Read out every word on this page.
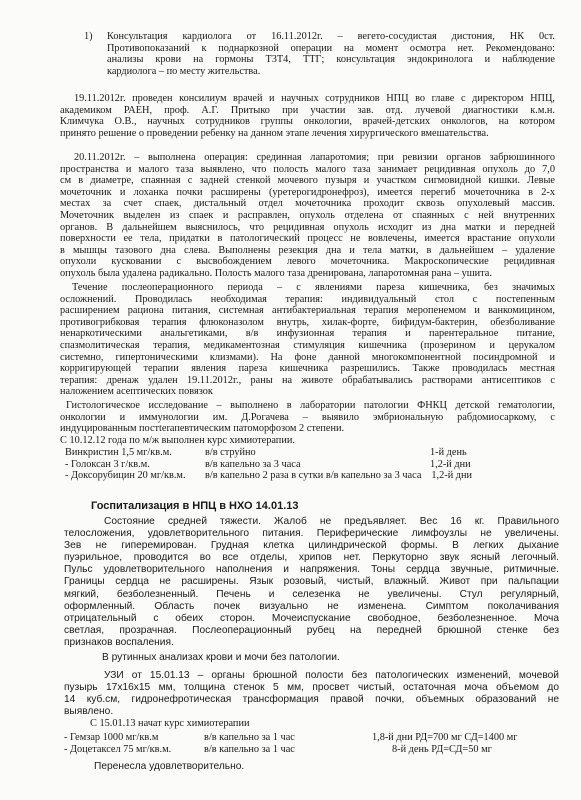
1) Консультация кардиолога от 16.11.2012г. – вегето-сосудистая дистония, НК 0ст.
Противопоказаний к поднаркозной операции на момент осмотра нет. Рекомендовано:
анализы крови на гормоны Т3Т4, ТТГ; консультация эндокринолога и наблюдение
кардиолога – по месту жительства.
19.11.2012г. проведен консилиум врачей и научных сотрудников НПЦ во главе с директором НПЦ,
академиком РАЕН, проф. А.Г. Притыко при участии зав. отд. лучевой диагностики к.м.н.
Климчука О.В., научных сотрудников группы онкологии, врачей-детских онкологов, на котором
принято решение о проведении ребенку на данном этапе лечения хирургического вмешательства.
20.11.2012г. – выполнена операция: срединная лапаротомия; при ревизии органов забрюшинного
пространства и малого таза выявлено, что полость малого таза занимает рецидивная опухоль до 7,0
см в диаметре, спаянная с задней стенкой мочевого пузыря и участком сигмовидной кишки. Левые
мочеточник и лоханка почки расширены (уретерогидронефроз), имеется перегиб мочеточника в 2-х
местах за счет спаек, дистальный отдел мочеточника проходит сквозь опухолевый массив.
Мочеточник выделен из спаек и расправлен, опухоль отделена от спаянных с ней внутренних
органов. В дальнейшем выяснилось, что рецидивная опухоль исходит из дна матки и передней
поверхности ее тела, придатки в патологический процесс не вовлечены, имеется врастание опухоли
в мышцы тазового дна слева. Выполнены резекция дна и тела матки, в дальнейшем – удаление
опухоли кусковании с высвобождением левого мочеточника. Макроскопические рецидивная
опухоль была удалена радикально. Полость малого таза дренирована, лапаротомная рана – ушита.
Течение послеоперационного периода – с явлениями пареза кишечника, без значимых
осложнений. Проводилась необходимая терапия: индивидуальный стол с постепенным
расширением рациона питания, системная антибактериальная терапия меропенемом и ванкомицином,
противогрибковая терапия флюконазолом внутрь, хилак-форте, бифидум-бактерин, обезболивание
ненаркотическими анальгетиками, в/в инфузионная терапия и парентеральное питание,
спазмолитическая терапия, медикаментозная стимуляция кишечника (прозерином и церукалом
системно, гипертоническими клизмами). На фоне данной многокомпонентной посиндромной и
корригирующей терапии явления пареза кишечника разрешились. Также проводилась местная
терапия: дренаж удален 19.11.2012г., раны на животе обрабатывались растворами антисептиков с
наложением асептических повязок
Гистологическое исследование – выполнено в лаборатории патологии ФНКЦ детской гематологии,
онкологии и иммунологии им. Д.Рогачева – выявило эмбриональную рабдомиосаркому, с
индуцированным постterапевтическим патоморфозом 2 степени.
С 10.12.12 года по м/ж выполнен курс химиотерапии.
Винкристин 1,5 мг/кв.м.	в/в струйно	1-й день
- Голоксан 3 г/кв.м.	в/в капельно за 3 часа	1,2-й дни
- Доксорубицин 20 мг/кв.м.	в/в капельно 2 раза в сутки в/в капельно за 3 часа 1,2-й дни
Госпитализация в НПЦ в НХО 14.01.13
Состояние средней тяжести. Жалоб не предъявляет. Вес 16 кг. Правильного
телосложения, удовлетворительного питания. Периферические лимфоузлы не увеличены.
Зев не гиперемирован. Грудная клетка цилиндрической формы. В легких дыхание
пуэрильное, проводится во все отделы, хрипов нет. Перкуторно звук ясный легочный.
Пульс удовлетворительного наполнения и напряжения. Тоны сердца звучные, ритмичные.
Границы сердца не расширены. Язык розовый, чистый, влажный. Живот при пальпации
мягкий, безболезненный. Печень и селезенка не увеличены. Стул регулярный,
оформленный. Область почек визуально не изменена. Симптом поколачивания
отрицательный с обеих сторон. Мочеиспускание свободное, безболезненное. Моча
светлая, прозрачная. Послеоперационный рубец на передней брюшной стенке без
признаков воспаления.
В рутинных анализах крови и мочи без патологии.
УЗИ от 15.01.13 – органы брюшной полости без патологических изменений, мочевой
пузырь 17х16х15 мм, толщина стенок 5 мм, просвет чистый, остаточная моча объемом до
14 куб.см, гидронефротическая трансформация правой почки, объемных образований не
выявлено.
С 15.01.13 начат курс химиотерапии
- Гемзар 1000 мг/кв.м	в/в капельно за 1 час	1,8-й дни РД=700 мг СД=1400 мг
- Доцетаксел 75 мг/кв.м.	в/в капельно за 1 час	8-й день РД=СД=50 мг
Перенесла удовлетворительно.
